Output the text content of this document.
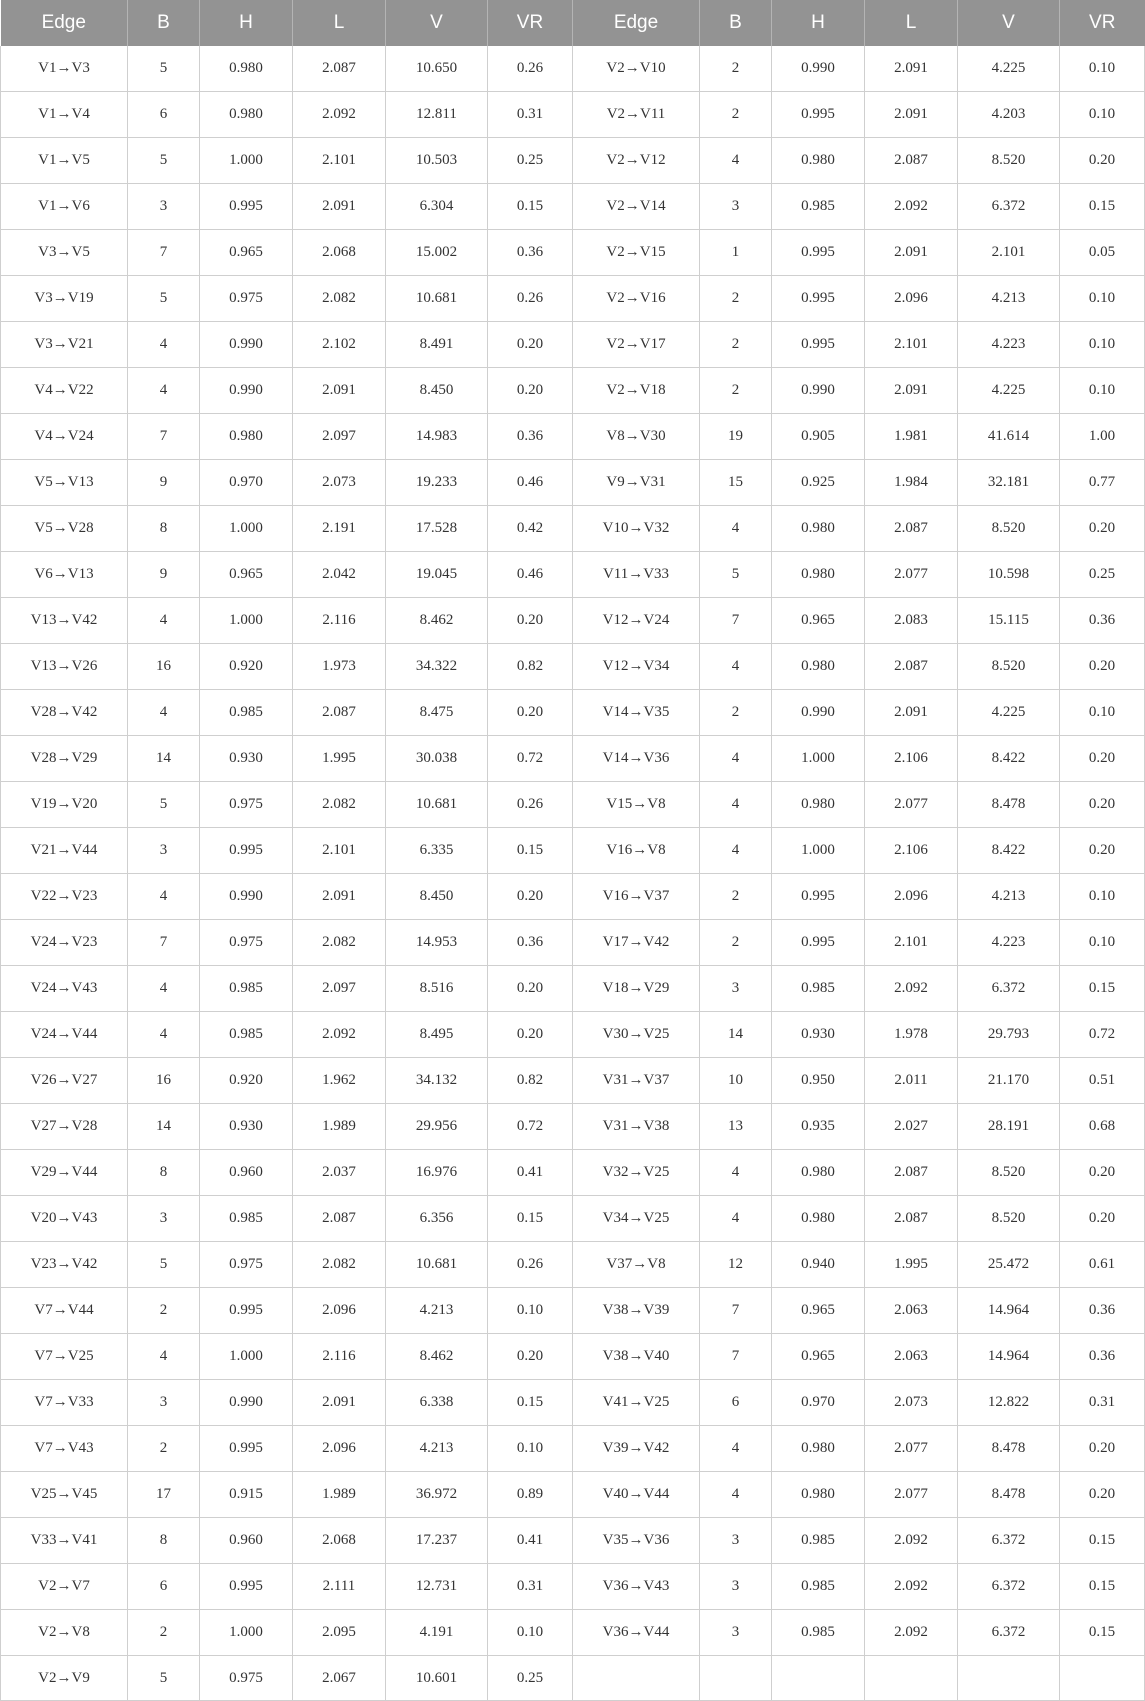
Edge	B	H	L	V	VR	Edge	B	H	L	V	VR
V1→V3	5	0.980	2.087	10.650	0.26	V2→V10	2	0.990	2.091	4.225	0.10
V1→V4	6	0.980	2.092	12.811	0.31	V2→V11	2	0.995	2.091	4.203	0.10
V1→V5	5	1.000	2.101	10.503	0.25	V2→V12	4	0.980	2.087	8.520	0.20
V1→V6	3	0.995	2.091	6.304	0.15	V2→V14	3	0.985	2.092	6.372	0.15
V3→V5	7	0.965	2.068	15.002	0.36	V2→V15	1	0.995	2.091	2.101	0.05
V3→V19	5	0.975	2.082	10.681	0.26	V2→V16	2	0.995	2.096	4.213	0.10
V3→V21	4	0.990	2.102	8.491	0.20	V2→V17	2	0.995	2.101	4.223	0.10
V4→V22	4	0.990	2.091	8.450	0.20	V2→V18	2	0.990	2.091	4.225	0.10
V4→V24	7	0.980	2.097	14.983	0.36	V8→V30	19	0.905	1.981	41.614	1.00
V5→V13	9	0.970	2.073	19.233	0.46	V9→V31	15	0.925	1.984	32.181	0.77
V5→V28	8	1.000	2.191	17.528	0.42	V10→V32	4	0.980	2.087	8.520	0.20
V6→V13	9	0.965	2.042	19.045	0.46	V11→V33	5	0.980	2.077	10.598	0.25
V13→V42	4	1.000	2.116	8.462	0.20	V12→V24	7	0.965	2.083	15.115	0.36
V13→V26	16	0.920	1.973	34.322	0.82	V12→V34	4	0.980	2.087	8.520	0.20
V28→V42	4	0.985	2.087	8.475	0.20	V14→V35	2	0.990	2.091	4.225	0.10
V28→V29	14	0.930	1.995	30.038	0.72	V14→V36	4	1.000	2.106	8.422	0.20
V19→V20	5	0.975	2.082	10.681	0.26	V15→V8	4	0.980	2.077	8.478	0.20
V21→V44	3	0.995	2.101	6.335	0.15	V16→V8	4	1.000	2.106	8.422	0.20
V22→V23	4	0.990	2.091	8.450	0.20	V16→V37	2	0.995	2.096	4.213	0.10
V24→V23	7	0.975	2.082	14.953	0.36	V17→V42	2	0.995	2.101	4.223	0.10
V24→V43	4	0.985	2.097	8.516	0.20	V18→V29	3	0.985	2.092	6.372	0.15
V24→V44	4	0.985	2.092	8.495	0.20	V30→V25	14	0.930	1.978	29.793	0.72
V26→V27	16	0.920	1.962	34.132	0.82	V31→V37	10	0.950	2.011	21.170	0.51
V27→V28	14	0.930	1.989	29.956	0.72	V31→V38	13	0.935	2.027	28.191	0.68
V29→V44	8	0.960	2.037	16.976	0.41	V32→V25	4	0.980	2.087	8.520	0.20
V20→V43	3	0.985	2.087	6.356	0.15	V34→V25	4	0.980	2.087	8.520	0.20
V23→V42	5	0.975	2.082	10.681	0.26	V37→V8	12	0.940	1.995	25.472	0.61
V7→V44	2	0.995	2.096	4.213	0.10	V38→V39	7	0.965	2.063	14.964	0.36
V7→V25	4	1.000	2.116	8.462	0.20	V38→V40	7	0.965	2.063	14.964	0.36
V7→V33	3	0.990	2.091	6.338	0.15	V41→V25	6	0.970	2.073	12.822	0.31
V7→V43	2	0.995	2.096	4.213	0.10	V39→V42	4	0.980	2.077	8.478	0.20
V25→V45	17	0.915	1.989	36.972	0.89	V40→V44	4	0.980	2.077	8.478	0.20
V33→V41	8	0.960	2.068	17.237	0.41	V35→V36	3	0.985	2.092	6.372	0.15
V2→V7	6	0.995	2.111	12.731	0.31	V36→V43	3	0.985	2.092	6.372	0.15
V2→V8	2	1.000	2.095	4.191	0.10	V36→V44	3	0.985	2.092	6.372	0.15
V2→V9	5	0.975	2.067	10.601	0.25						
